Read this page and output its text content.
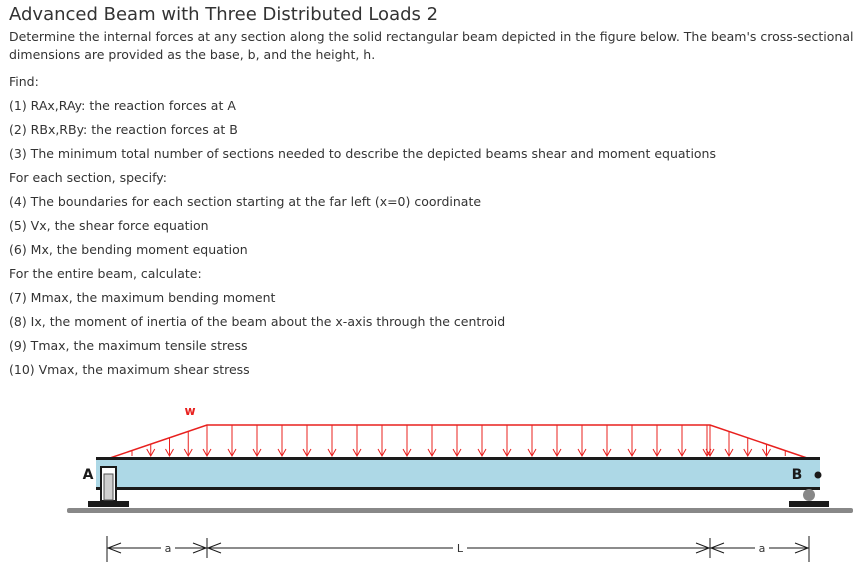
Advanced Beam with Three Distributed Loads 2

Determine the internal forces at any section along the solid rectangular beam depicted in the figure below. The beam's cross-sectional dimensions are provided as the base, b, and the height, h.

Find:

(1) RAx,RAy: the reaction forces at A

(2) RBx,RBy: the reaction forces at B

(3) The minimum total number of sections needed to describe the depicted beams shear and moment equations

For each section, specify:

(4) The boundaries for each section starting at the far left (x=0) coordinate

(5) Vx, the shear force equation

(6) Mx, the bending moment equation

For the entire beam, calculate:

(7) Mmax, the maximum bending moment

(8) Ix, the moment of inertia of the beam about the x-axis through the centroid

(9) Tmax, the maximum tensile stress

(10) Vmax, the maximum shear stress

w
A	B
a	L	a
